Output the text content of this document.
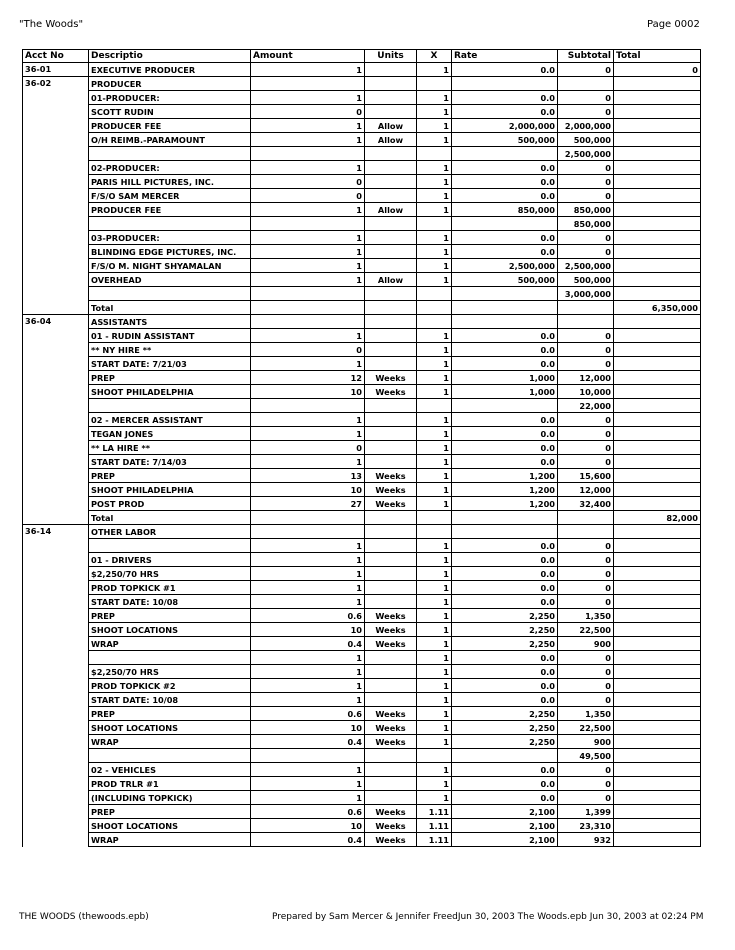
"The Woods"	Page 0002
Acct No	Descriptio	Amount	Units	X	Rate	Subtotal	Total
36-01	EXECUTIVE PRODUCER	1		1	0.0	0	0
36-02	PRODUCER						
	01-PRODUCER:	1		1	0.0	0	
	SCOTT RUDIN	0		1	0.0	0	
	PRODUCER FEE	1	Allow	1	2,000,000	2,000,000	
	O/H REIMB.-PARAMOUNT	1	Allow	1	500,000	500,000	
						2,500,000	
	02-PRODUCER:	1		1	0.0	0	
	PARIS HILL PICTURES, INC.	0		1	0.0	0	
	F/S/O SAM MERCER	0		1	0.0	0	
	PRODUCER FEE	1	Allow	1	850,000	850,000	
						850,000	
	03-PRODUCER:	1		1	0.0	0	
	BLINDING EDGE PICTURES, INC.	1		1	0.0	0	
	F/S/O M. NIGHT SHYAMALAN	1		1	2,500,000	2,500,000	
	OVERHEAD	1	Allow	1	500,000	500,000	
						3,000,000	
	Total						6,350,000
36-04	ASSISTANTS						
	01 - RUDIN ASSISTANT	1		1	0.0	0	
	** NY HIRE **	0		1	0.0	0	
	START DATE: 7/21/03	1		1	0.0	0	
	PREP	12	Weeks	1	1,000	12,000	
	SHOOT PHILADELPHIA	10	Weeks	1	1,000	10,000	
						22,000	
	02 - MERCER ASSISTANT	1		1	0.0	0	
	TEGAN JONES	1		1	0.0	0	
	** LA HIRE **	0		1	0.0	0	
	START DATE: 7/14/03	1		1	0.0	0	
	PREP	13	Weeks	1	1,200	15,600	
	SHOOT PHILADELPHIA	10	Weeks	1	1,200	12,000	
	POST PROD	27	Weeks	1	1,200	32,400	
	Total						82,000
36-14	OTHER LABOR						
		1		1	0.0	0	
	01 - DRIVERS	1		1	0.0	0	
	$2,250/70 HRS	1		1	0.0	0	
	PROD TOPKICK #1	1		1	0.0	0	
	START DATE: 10/08	1		1	0.0	0	
	PREP	0.6	Weeks	1	2,250	1,350	
	SHOOT LOCATIONS	10	Weeks	1	2,250	22,500	
	WRAP	0.4	Weeks	1	2,250	900	
		1		1	0.0	0	
	$2,250/70 HRS	1		1	0.0	0	
	PROD TOPKICK #2	1		1	0.0	0	
	START DATE: 10/08	1		1	0.0	0	
	PREP	0.6	Weeks	1	2,250	1,350	
	SHOOT LOCATIONS	10	Weeks	1	2,250	22,500	
	WRAP	0.4	Weeks	1	2,250	900	
						49,500	
	02 - VEHICLES	1		1	0.0	0	
	PROD TRLR #1	1		1	0.0	0	
	(INCLUDING TOPKICK)	1		1	0.0	0	
	PREP	0.6	Weeks	1.11	2,100	1,399	
	SHOOT LOCATIONS	10	Weeks	1.11	2,100	23,310	
	WRAP	0.4	Weeks	1.11	2,100	932	
THE WOODS (thewoods.epb)	Prepared by Sam Mercer & Jennifer FreedJun 30, 2003 The Woods.epb Jun 30, 2003 at 02:24 PM
